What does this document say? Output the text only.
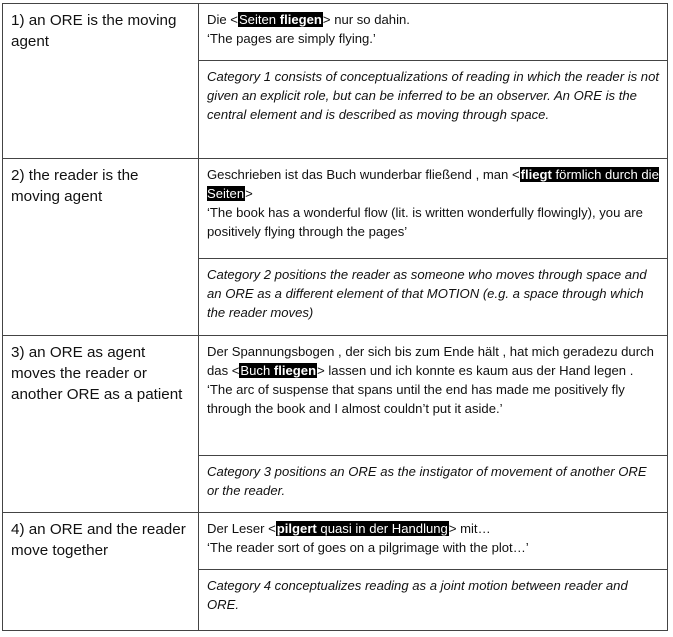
1) an ORE is the moving agent	Die <Seiten fliegen> nur so dahin.
‘The pages are simply flying.’

	Category 1 consists of conceptualizations of reading in which the reader is not given an explicit role, but can be inferred to be an observer. An ORE is the central element and is described as moving through space.
2) the reader is the moving agent	Geschrieben ist das Buch wunderbar fließend , man <fliegt förmlich durch die Seiten>
‘The book has a wonderful flow (lit. is written wonderfully flowingly), you are positively flying through the pages’

	Category 2 positions the reader as someone who moves through space and an ORE as a different element of that MOTION (e.g. a space through which the reader moves)
3) an ORE as agent moves the reader or another ORE as a patient	Der Spannungsbogen , der sich bis zum Ende hält , hat mich geradezu durch das <Buch fliegen> lassen und ich konnte es kaum aus der Hand legen .
‘The arc of suspense that spans until the end has made me positively fly through the book and I almost couldn’t put it aside.’

	Category 3 positions an ORE as the instigator of movement of another ORE or the reader.
4) an ORE and the reader move together	Der Leser <pilgert quasi in der Handlung> mit…
‘The reader sort of goes on a pilgrimage with the plot…’

	Category 4 conceptualizes reading as a joint motion between reader and ORE.
